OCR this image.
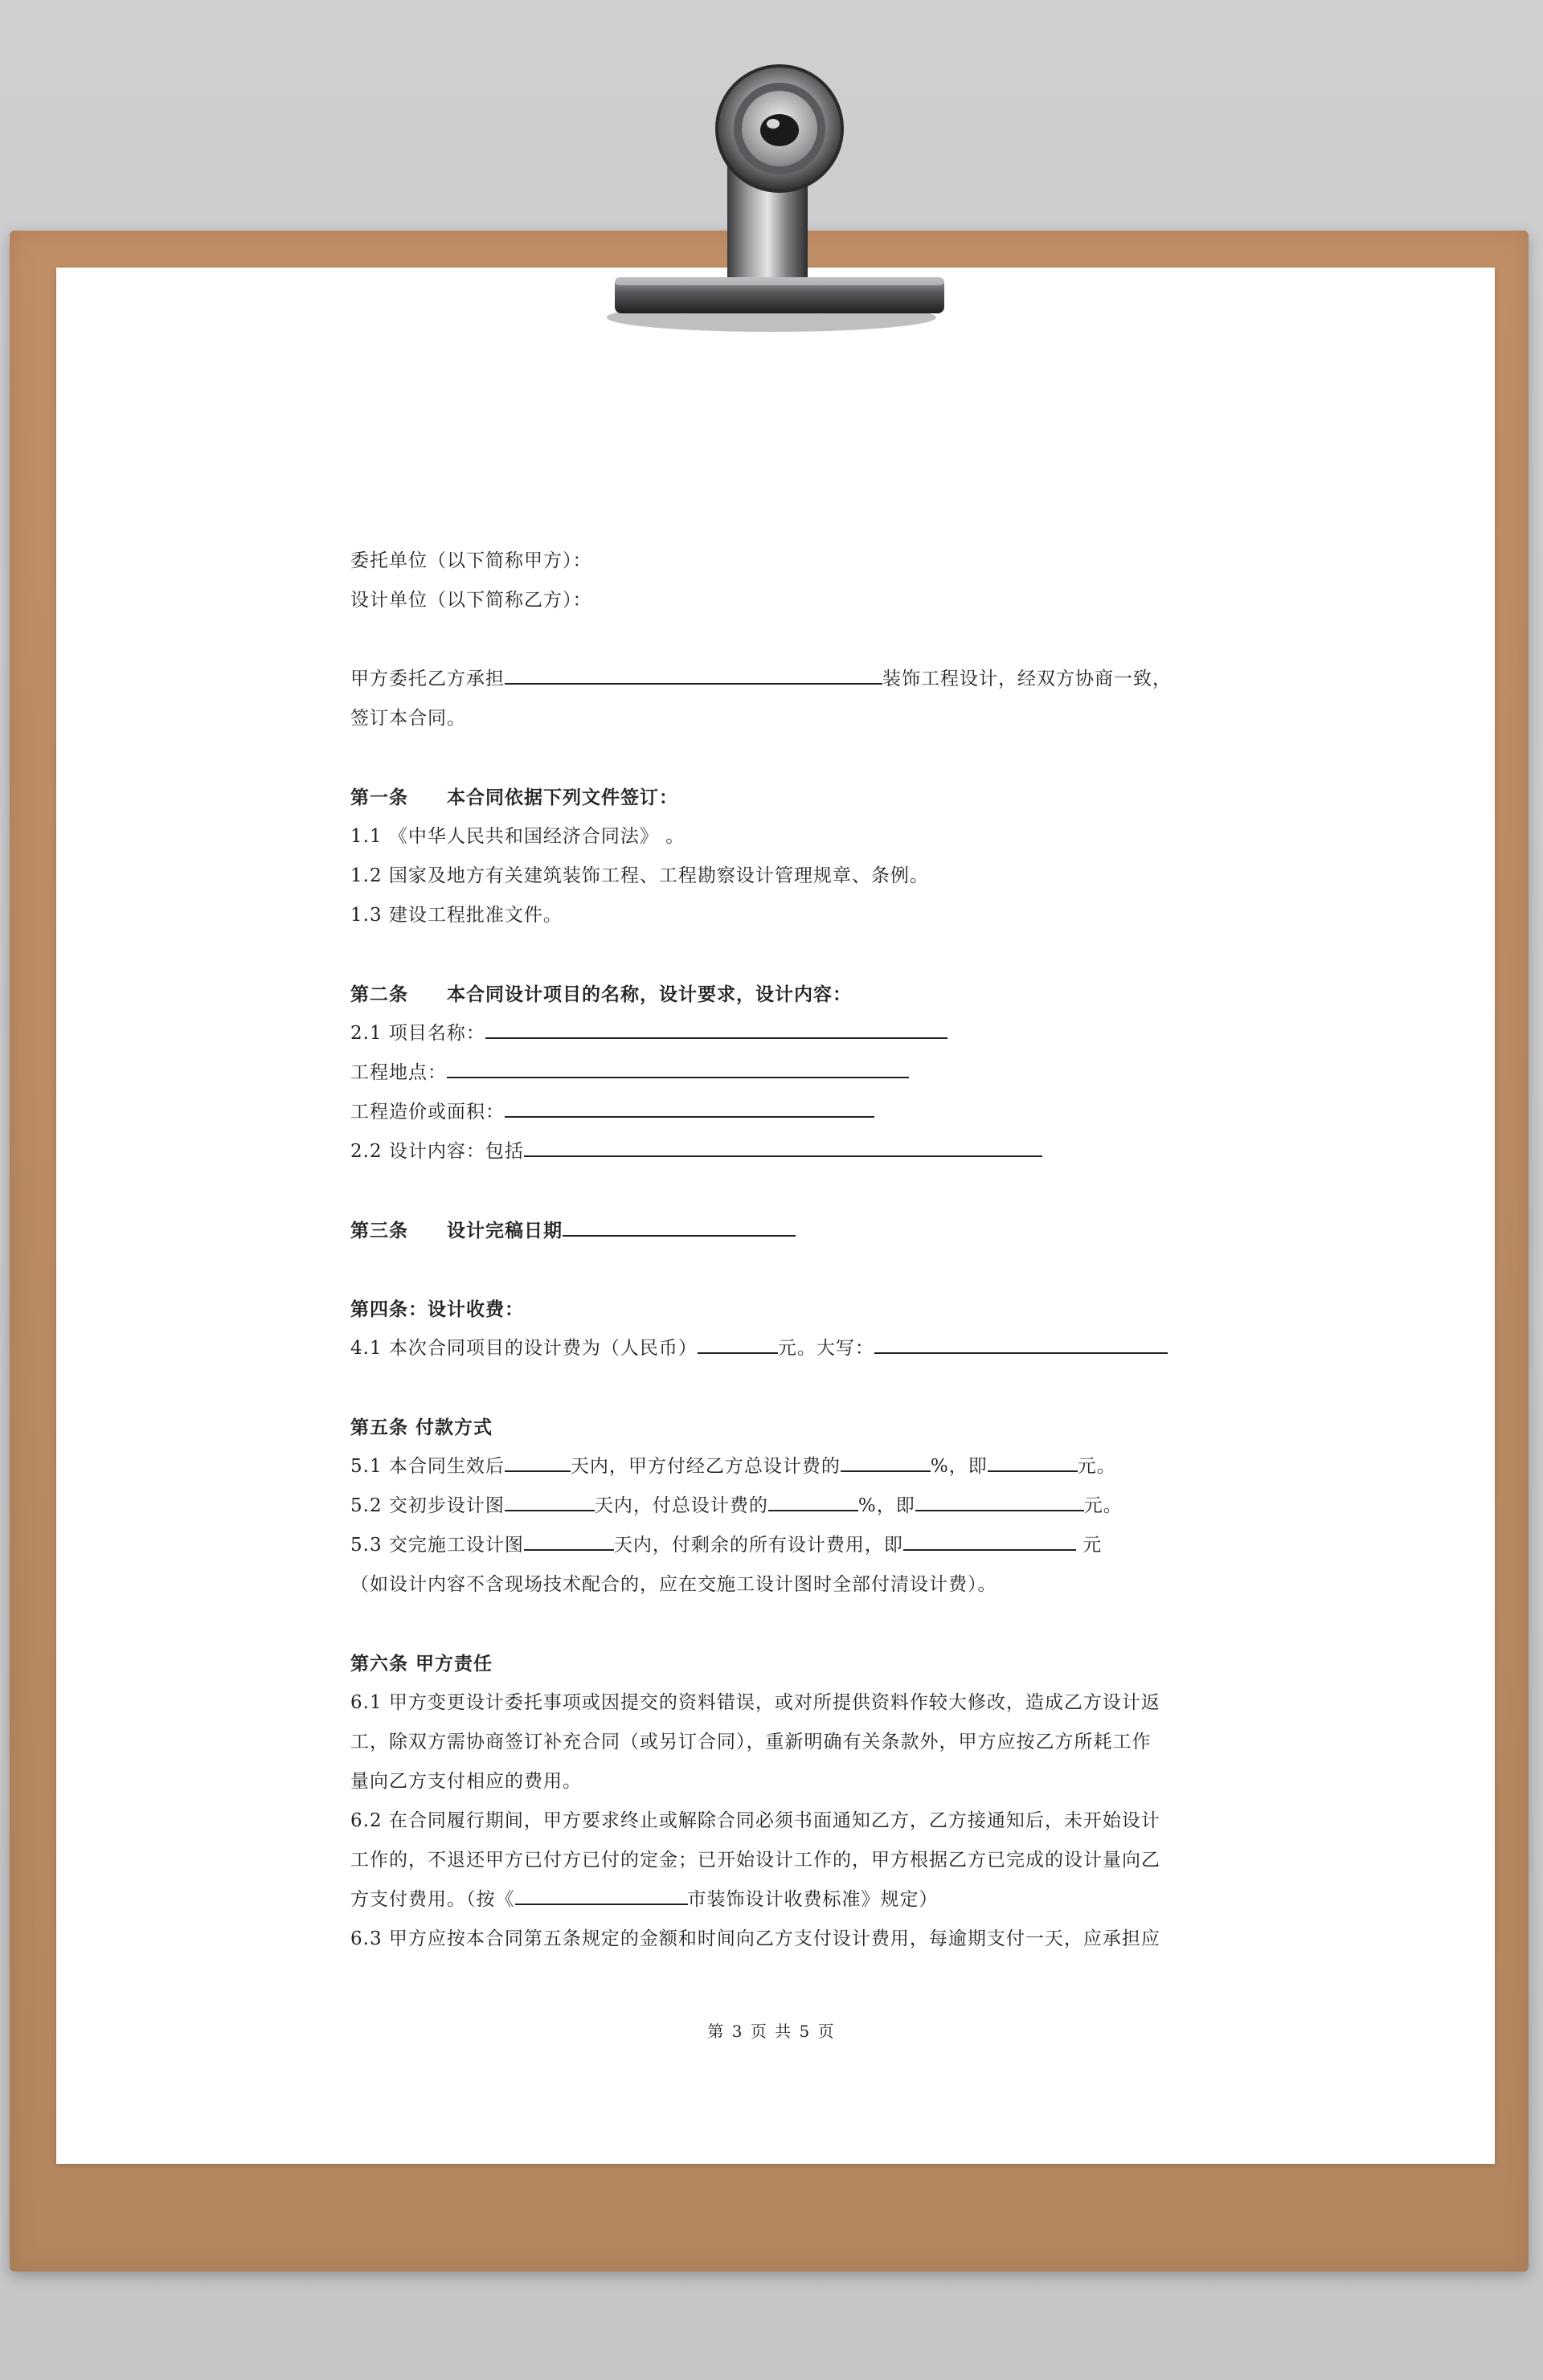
委托单位（以下简称甲方）：
设计单位（以下简称乙方）：
甲方委托乙方承担	装饰工程设计，经双方协商一致，
签订本合同。
第一条 本合同依据下列文件签订：
1.1 《中华人民共和国经济合同法》 。
1.2 国家及地方有关建筑装饰工程、工程勘察设计管理规章、条例。
1.3 建设工程批准文件。
第二条 本合同设计项目的名称，设计要求，设计内容：
2.1 项目名称：
工程地点：
工程造价或面积：
2.2 设计内容：包括
第三条 设计完稿日期
第四条：设计收费：
4.1 本次合同项目的设计费为（人民币）	元。大写：
第五条 付款方式
5.1 本合同生效后	天内，甲方付经乙方总设计费的	%，即	元。
5.2 交初步设计图	天内，付总设计费的	%，即	元。
5.3 交完施工设计图	天内，付剩余的所有设计费用，即	元
（如设计内容不含现场技术配合的，应在交施工设计图时全部付清设计费）。
第六条 甲方责任
6.1 甲方变更设计委托事项或因提交的资料错误，或对所提供资料作较大修改，造成乙方设计返
工，除双方需协商签订补充合同（或另订合同），重新明确有关条款外，甲方应按乙方所耗工作
量向乙方支付相应的费用。
6.2 在合同履行期间，甲方要求终止或解除合同必须书面通知乙方，乙方接通知后，未开始设计
工作的，不退还甲方已付方已付的定金；已开始设计工作的，甲方根据乙方已完成的设计量向乙
方支付费用。（按《	市装饰设计收费标准》规定）
6.3 甲方应按本合同第五条规定的金额和时间向乙方支付设计费用，每逾期支付一天，应承担应
第 3 页 共 5 页
